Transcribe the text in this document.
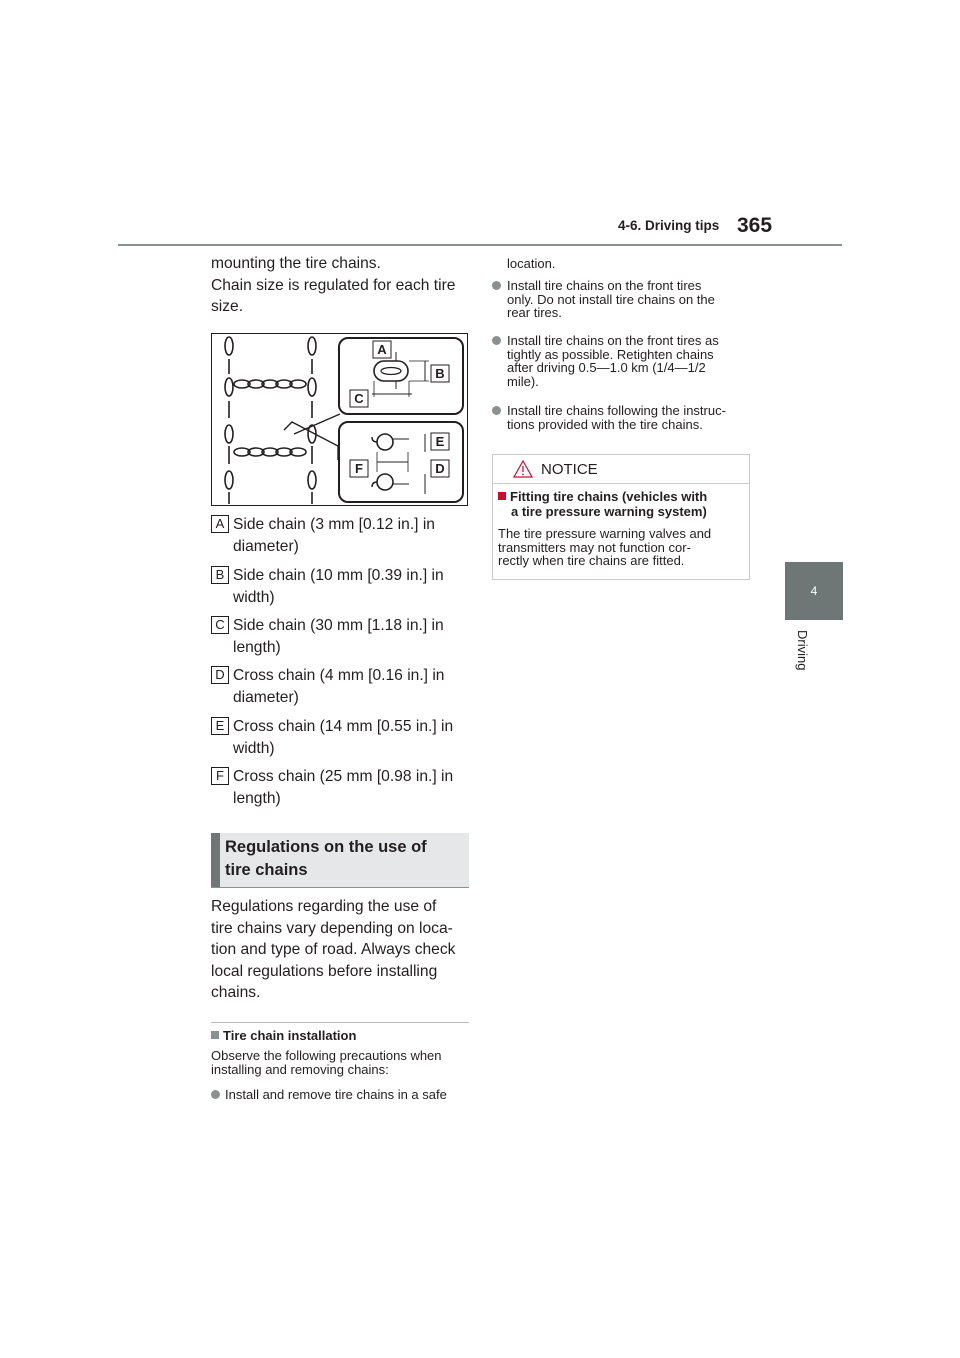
4-6. Driving tips 365
4
Driving
mounting the tire chains.
Chain size is regulated for each tire
size.
A
B
C
D
E
F
A Side chain (3 mm [0.12 in.] in
diameter)
B Side chain (10 mm [0.39 in.] in
width)
C Side chain (30 mm [1.18 in.] in
length)
D Cross chain (4 mm [0.16 in.] in
diameter)
E Cross chain (14 mm [0.55 in.] in
width)
F Cross chain (25 mm [0.98 in.] in
length)
Regulations on the use of
tire chains
Regulations regarding the use of
tire chains vary depending on loca-
tion and type of road. Always check
local regulations before installing
chains.
Tire chain installation
Observe the following precautions when
installing and removing chains:
Install and remove tire chains in a safe
location.
Install tire chains on the front tires
only. Do not install tire chains on the
rear tires.
Install tire chains on the front tires as
tightly as possible. Retighten chains
after driving 0.5—1.0 km (1/4—1/2
mile).
Install tire chains following the instruc-
tions provided with the tire chains.
NOTICE
Fitting tire chains (vehicles with
a tire pressure warning system)
The tire pressure warning valves and
transmitters may not function cor-
rectly when tire chains are fitted.
